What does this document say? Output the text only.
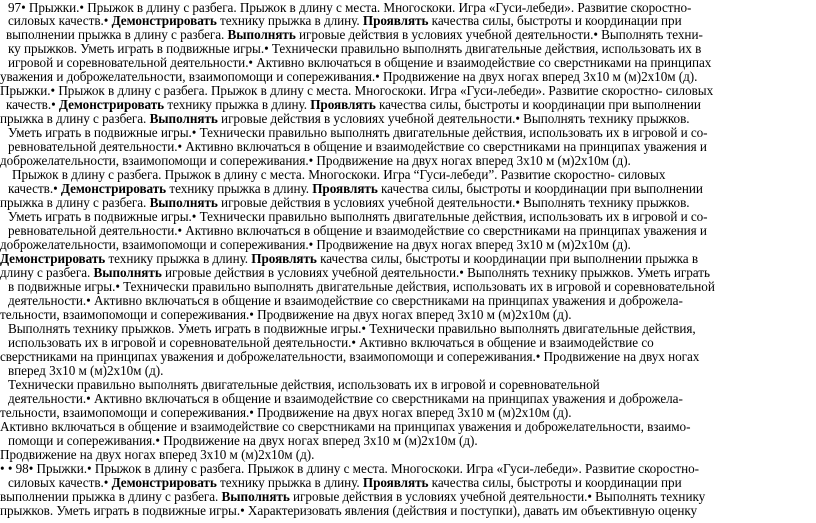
97• Прыжки.• Прыжок в длину с разбега. Прыжок в длину с места. Многоскоки. Игра «Гуси-лебеди». Развитие скоростно-
силовых качеств.• Демонстрировать технику прыжка в длину. Проявлять качества силы, быстроты и координации при
выполнении прыжка в длину с разбега. Выполнять игровые действия в условиях учебной деятельности.• Выполнять техни-
ку прыжков. Уметь играть в подвижные игры.• Технически правильно выполнять двигательные действия, использовать их в
игровой и соревновательной деятельности.• Активно включаться в общение и взаимодействие со сверстниками на принципах
уважения и доброжелательности, взаимопомощи и сопереживания.• Продвижение на двух ногах вперед 3х10 м (м)2х10м (д).
Прыжки.• Прыжок в длину с разбега. Прыжок в длину с места. Многоскоки. Игра «Гуси-лебеди». Развитие скоростно- силовых
качеств.• Демонстрировать технику прыжка в длину. Проявлять качества силы, быстроты и координации при выполнении
прыжка в длину с разбега. Выполнять игровые действия в условиях учебной деятельности.• Выполнять технику прыжков.
Уметь играть в подвижные игры.• Технически правильно выполнять двигательные действия, использовать их в игровой и со-
ревновательной деятельности.• Активно включаться в общение и взаимодействие со сверстниками на принципах уважения и
доброжелательности, взаимопомощи и сопереживания.• Продвижение на двух ногах вперед 3х10 м (м)2х10м (д).
Прыжок в длину с разбега. Прыжок в длину с места. Многоскоки. Игра “Гуси-лебеди”. Развитие скоростно- силовых
качеств.• Демонстрировать технику прыжка в длину. Проявлять качества силы, быстроты и координации при выполнении
прыжка в длину с разбега. Выполнять игровые действия в условиях учебной деятельности.• Выполнять технику прыжков.
Уметь играть в подвижные игры.• Технически правильно выполнять двигательные действия, использовать их в игровой и со-
ревновательной деятельности.• Активно включаться в общение и взаимодействие со сверстниками на принципах уважения и
доброжелательности, взаимопомощи и сопереживания.• Продвижение на двух ногах вперед 3х10 м (м)2х10м (д).
Демонстрировать технику прыжка в длину. Проявлять качества силы, быстроты и координации при выполнении прыжка в
длину с разбега. Выполнять игровые действия в условиях учебной деятельности.• Выполнять технику прыжков. Уметь играть
в подвижные игры.• Технически правильно выполнять двигательные действия, использовать их в игровой и соревновательной
деятельности.• Активно включаться в общение и взаимодействие со сверстниками на принципах уважения и доброжела-
тельности, взаимопомощи и сопереживания.• Продвижение на двух ногах вперед 3х10 м (м)2х10м (д).
Выполнять технику прыжков. Уметь играть в подвижные игры.• Технически правильно выполнять двигательные действия,
использовать их в игровой и соревновательной деятельности.• Активно включаться в общение и взаимодействие со
сверстниками на принципах уважения и доброжелательности, взаимопомощи и сопереживания.• Продвижение на двух ногах
вперед 3х10 м (м)2х10м (д).
Технически правильно выполнять двигательные действия, использовать их в игровой и соревновательной
деятельности.• Активно включаться в общение и взаимодействие со сверстниками на принципах уважения и доброжела-
тельности, взаимопомощи и сопереживания.• Продвижение на двух ногах вперед 3х10 м (м)2х10м (д).
Активно включаться в общение и взаимодействие со сверстниками на принципах уважения и доброжелательности, взаимо-
помощи и сопереживания.• Продвижение на двух ногах вперед 3х10 м (м)2х10м (д).
Продвижение на двух ногах вперед 3х10 м (м)2х10м (д).
• • 98• Прыжки.• Прыжок в длину с разбега. Прыжок в длину с места. Многоскоки. Игра «Гуси-лебеди». Развитие скоростно-
силовых качеств.• Демонстрировать технику прыжка в длину. Проявлять качества силы, быстроты и координации при
выполнении прыжка в длину с разбега. Выполнять игровые действия в условиях учебной деятельности.• Выполнять технику
прыжков. Уметь играть в подвижные игры.• Характеризовать явления (действия и поступки), давать им объективную оценку
